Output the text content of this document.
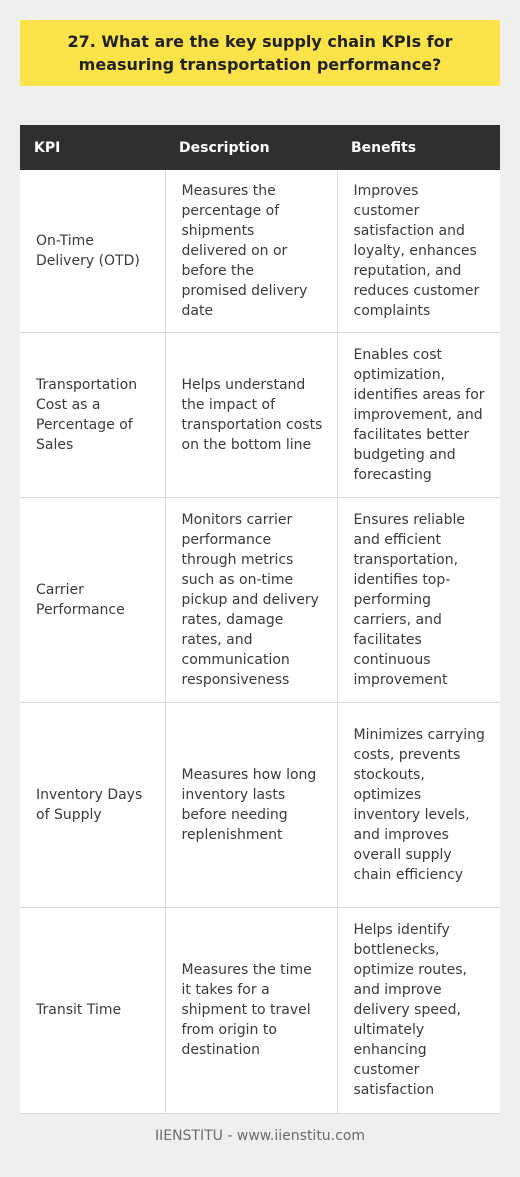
27. What are the key supply chain KPIs for measuring transportation performance?
KPI	Description	Benefits
On-Time Delivery (OTD)	Measures the percentage of shipments delivered on or before the promised delivery date	Improves customer satisfaction and loyalty, enhances reputation, and reduces customer complaints
Transportation Cost as a Percentage of Sales	Helps understand the impact of transportation costs on the bottom line	Enables cost optimization, identifies areas for improvement, and facilitates better budgeting and forecasting
Carrier Performance	Monitors carrier performance through metrics such as on-time pickup and delivery rates, damage rates, and communication responsiveness	Ensures reliable and efficient transportation, identifies top-performing carriers, and facilitates continuous improvement
Inventory Days of Supply	Measures how long inventory lasts before needing replenishment	Minimizes carrying costs, prevents stockouts, optimizes inventory levels, and improves overall supply chain efficiency
Transit Time	Measures the time it takes for a shipment to travel from origin to destination	Helps identify bottlenecks, optimize routes, and improve delivery speed, ultimately enhancing customer satisfaction
IIENSTITU - www.iienstitu.com
